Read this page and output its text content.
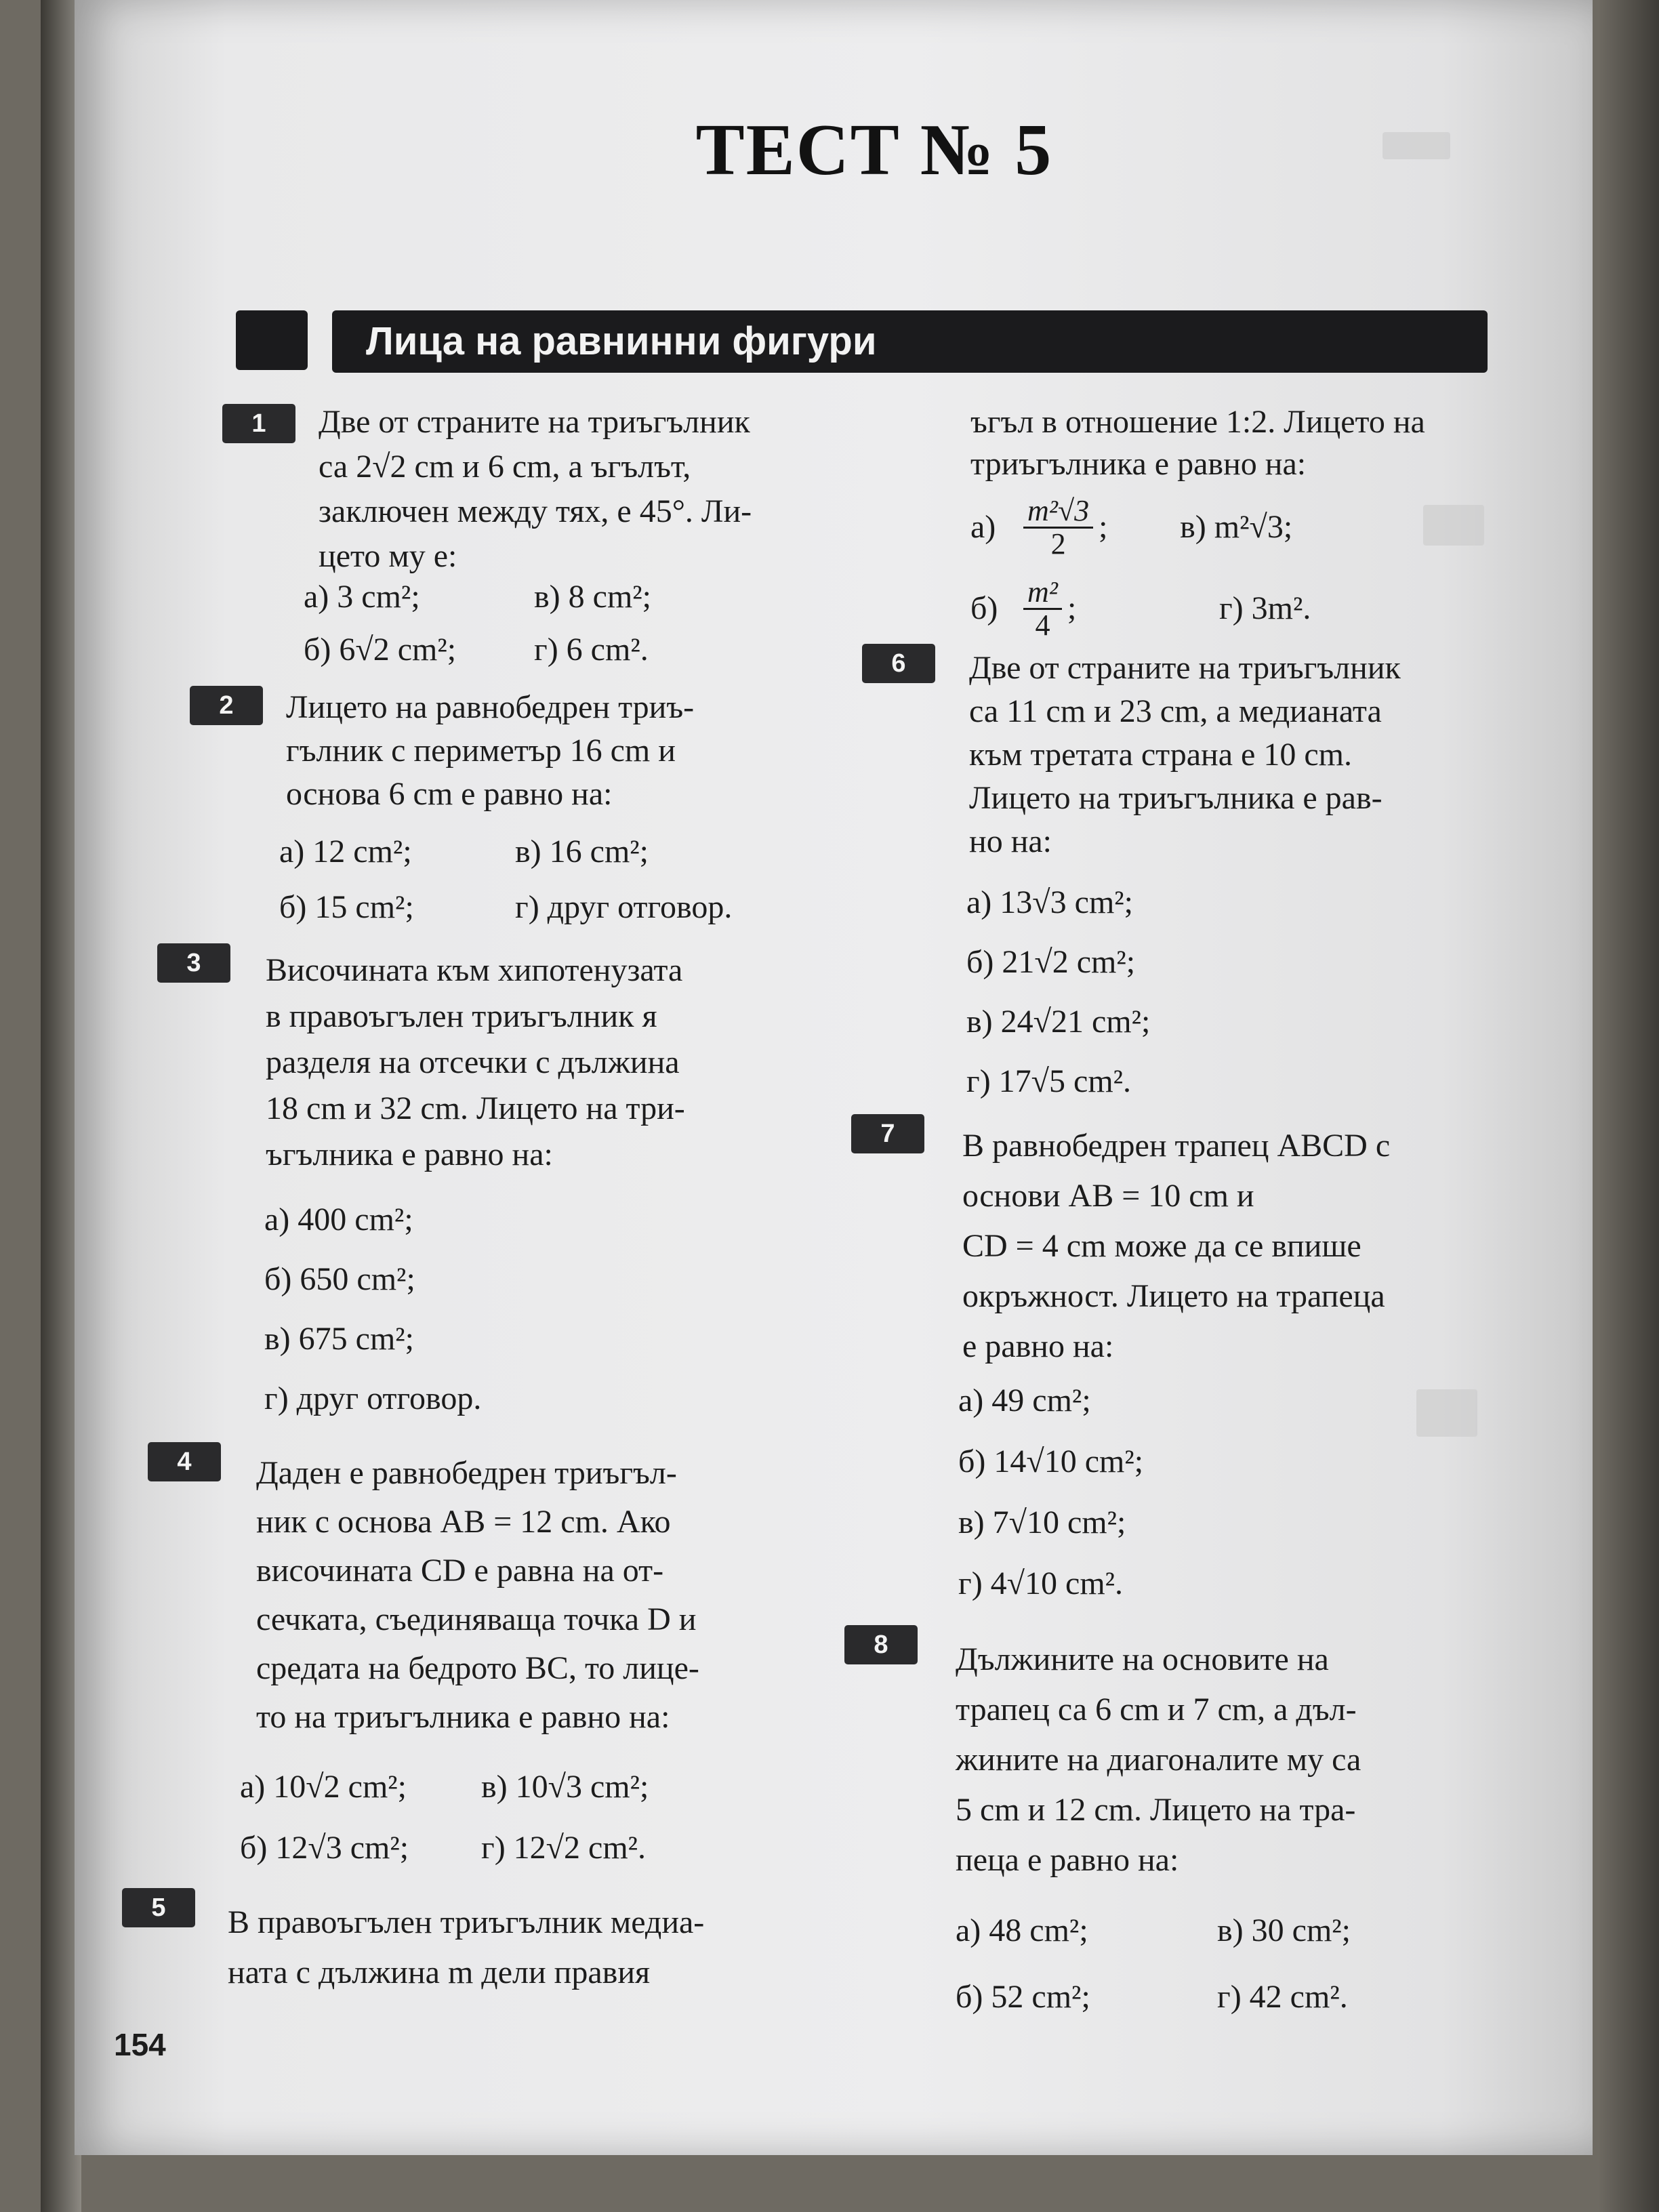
ТЕСТ № 5
Лица на равнинни фигури
1	Две от страните на триъгълник

са 2√2 cm и 6 cm, а ъгълът,

заключен между тях, е 45°. Ли-

цето му е:

а) 3 cm²;	в) 8 cm²;
б) 6√2 cm²;	г) 6 cm².
2	Лицето на равнобедрен триъ-

гълник с периметър 16 cm и

основа 6 cm е равно на:

а) 12 cm²;	в) 16 cm²;
б) 15 cm²;	г) друг отговор.
3	Височината към хипотенузата

в правоъгълен триъгълник я

разделя на отсечки с дължина

18 cm и 32 cm. Лицето на три-

ъгълника е равно на:

а) 400 cm²;

б) 650 cm²;

в) 675 cm²;

г) друг отговор.

4	Даден е равнобедрен триъгъл-

ник с основа AB = 12 cm. Ако

височината CD е равна на от-

сечката, съединяваща точка D и

средата на бедрото BC, то лице-

то на триъгълника е равно на:

а) 10√2 cm²;	в) 10√3 cm²;
б) 12√3 cm²;	г) 12√2 cm².
5	В правоъгълен триъгълник медиа-

ната с дължина m дели правия

ъгъл в отношение 1:2. Лицето на

триъгълника е равно на:

$а) \frac{\text{m²√3}}{2}$ ;	в) m²√3;
$б) \frac{\text{m²}}{4}$ ;	г) 3m².
6	Две от страните на триъгълник

са 11 cm и 23 cm, а медианата

към третата страна е 10 cm.

Лицето на триъгълника е рав-

но на:

а) 13√3 cm²;

б) 21√2 cm²;

в) 24√21 cm²;

г) 17√5 cm².

7	В равнобедрен трапец ABCD с

основи AB = 10 cm и

CD = 4 cm може да се впише

окръжност. Лицето на трапеца

е равно на:

а) 49 cm²;

б) 14√10 cm²;

в) 7√10 cm²;

г) 4√10 cm².

8	Дължините на основите на

трапец са 6 cm и 7 cm, а дъл-

жините на диагоналите му са

5 cm и 12 cm. Лицето на тра-

пеца е равно на:

а) 48 cm²;	в) 30 cm²;
б) 52 cm²;	г) 42 cm².
154
